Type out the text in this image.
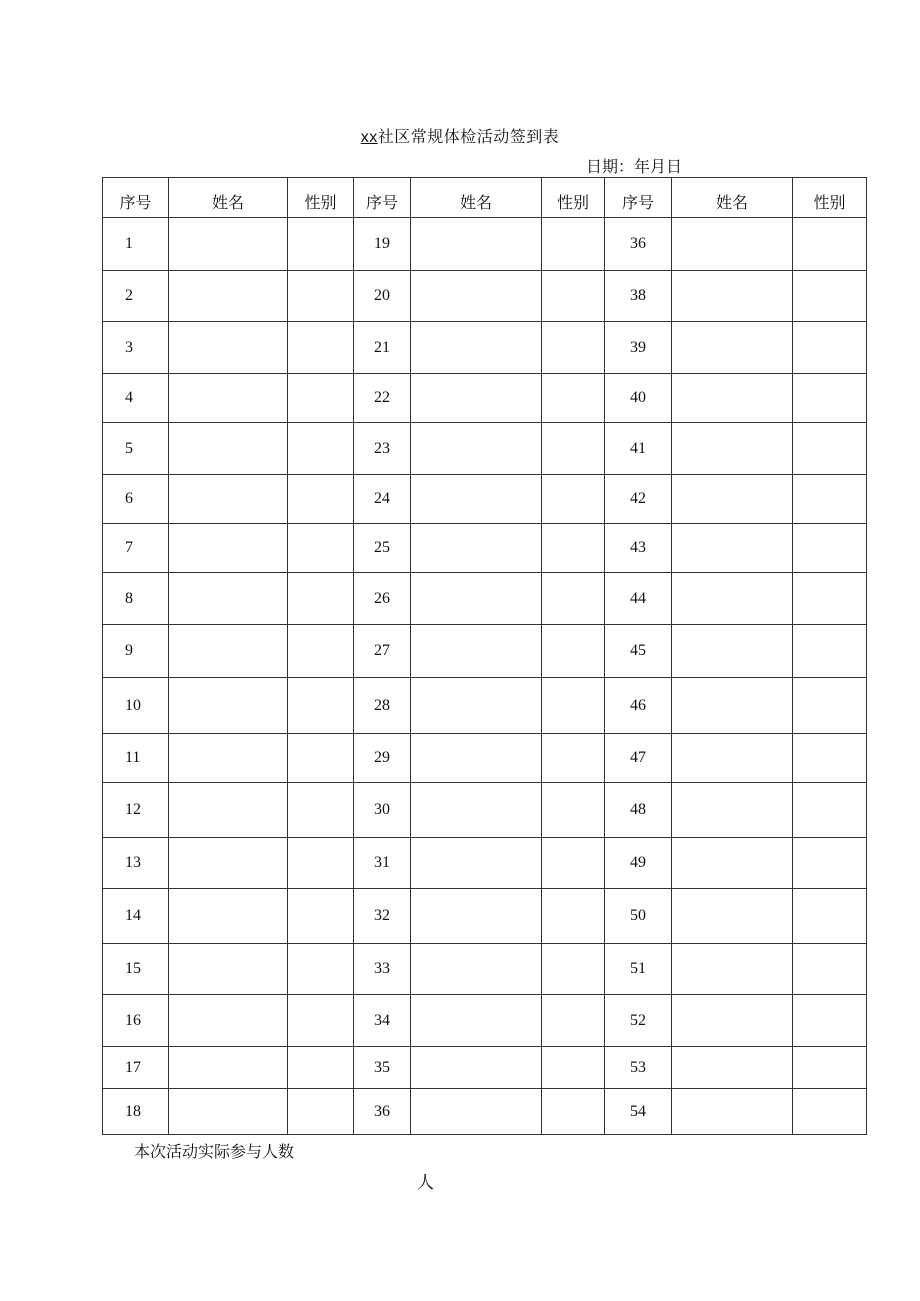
xx社区常规体检活动签到表
日期：年月日
序号	姓名	性别	序号	姓名	性别	序号	姓名	性别
1			19			36		
2			20			38		
3			21			39		
4			22			40		
5			23			41		
6			24			42		
7			25			43		
8			26			44		
9			27			45		
10			28			46		
11			29			47		
12			30			48		
13			31			49		
14			32			50		
15			33			51		
16			34			52		
17			35			53		
18			36			54		
本次活动实际参与人数
人
